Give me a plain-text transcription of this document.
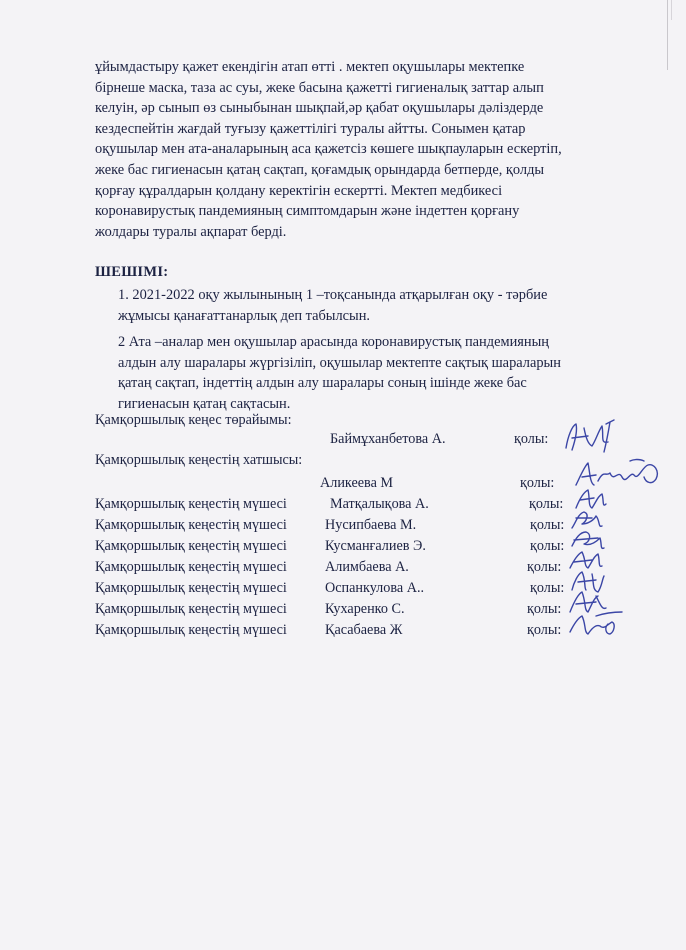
ұйымдастыру қажет екендігін атап өтті . мектеп оқушылары мектепке
бірнеше маска, таза ас суы, жеке басына қажетті гигиеналық заттар алып
келуін, әр сынып өз сыныбынан шықпай,әр қабат оқушылары дәлiздерде
кездеспейтін жағдай туғызу қажеттілігі туралы айтты. Сонымен қатар
оқушылар мен ата-аналарының аса қажетсіз көшеге шықпауларын ескертіп,
жеке бас гигиенасын қатаң сақтап, қоғамдық орындарда бетперде, қолды
қорғау құралдарын қолдану керектігін ескертті. Мектеп медбикесі
коронавирустық пандемияның симптомдарын және індеттен қорғану
жолдары туралы ақпарат берді.
ШЕШІМІ:
1. 2021-2022 оқу жылынының 1 –тоқсанында атқарылған оқу - тәрбие
жұмысы қанағаттанарлық деп табылсын.
2 Ата –аналар мен оқушылар арасында коронавирустық пандемияның
алдын алу шаралары жүргізіліп, оқушылар мектепте сақтық шараларын
қатаң сақтап, індеттің алдын алу шаралары соның ішінде жеке бас
гигиенасын қатаң сақтасын.
Қамқоршылық кеңес төрайымы:
Баймұханбетова А.	қолы:
Қамқоршылық кеңестің хатшысы:
Аликеева М	қолы:
Қамқоршылық кеңестің мүшесі	Матқалықова А.	қолы:
Қамқоршылық кеңестің мүшесі	Нусипбаева М.	қолы:
Қамқоршылық кеңестің мүшесі	Кусманғалиев Э.	қолы:
Қамқоршылық кеңестің мүшесі	Алимбаева А.	қолы:
Қамқоршылық кеңестің мүшесі	Оспанкулова А..	қолы:
Қамқоршылық кеңестің мүшесі	Кухаренко С.	қолы:
Қамқоршылық кеңестің мүшесі	Қасабаева Ж	қолы:
